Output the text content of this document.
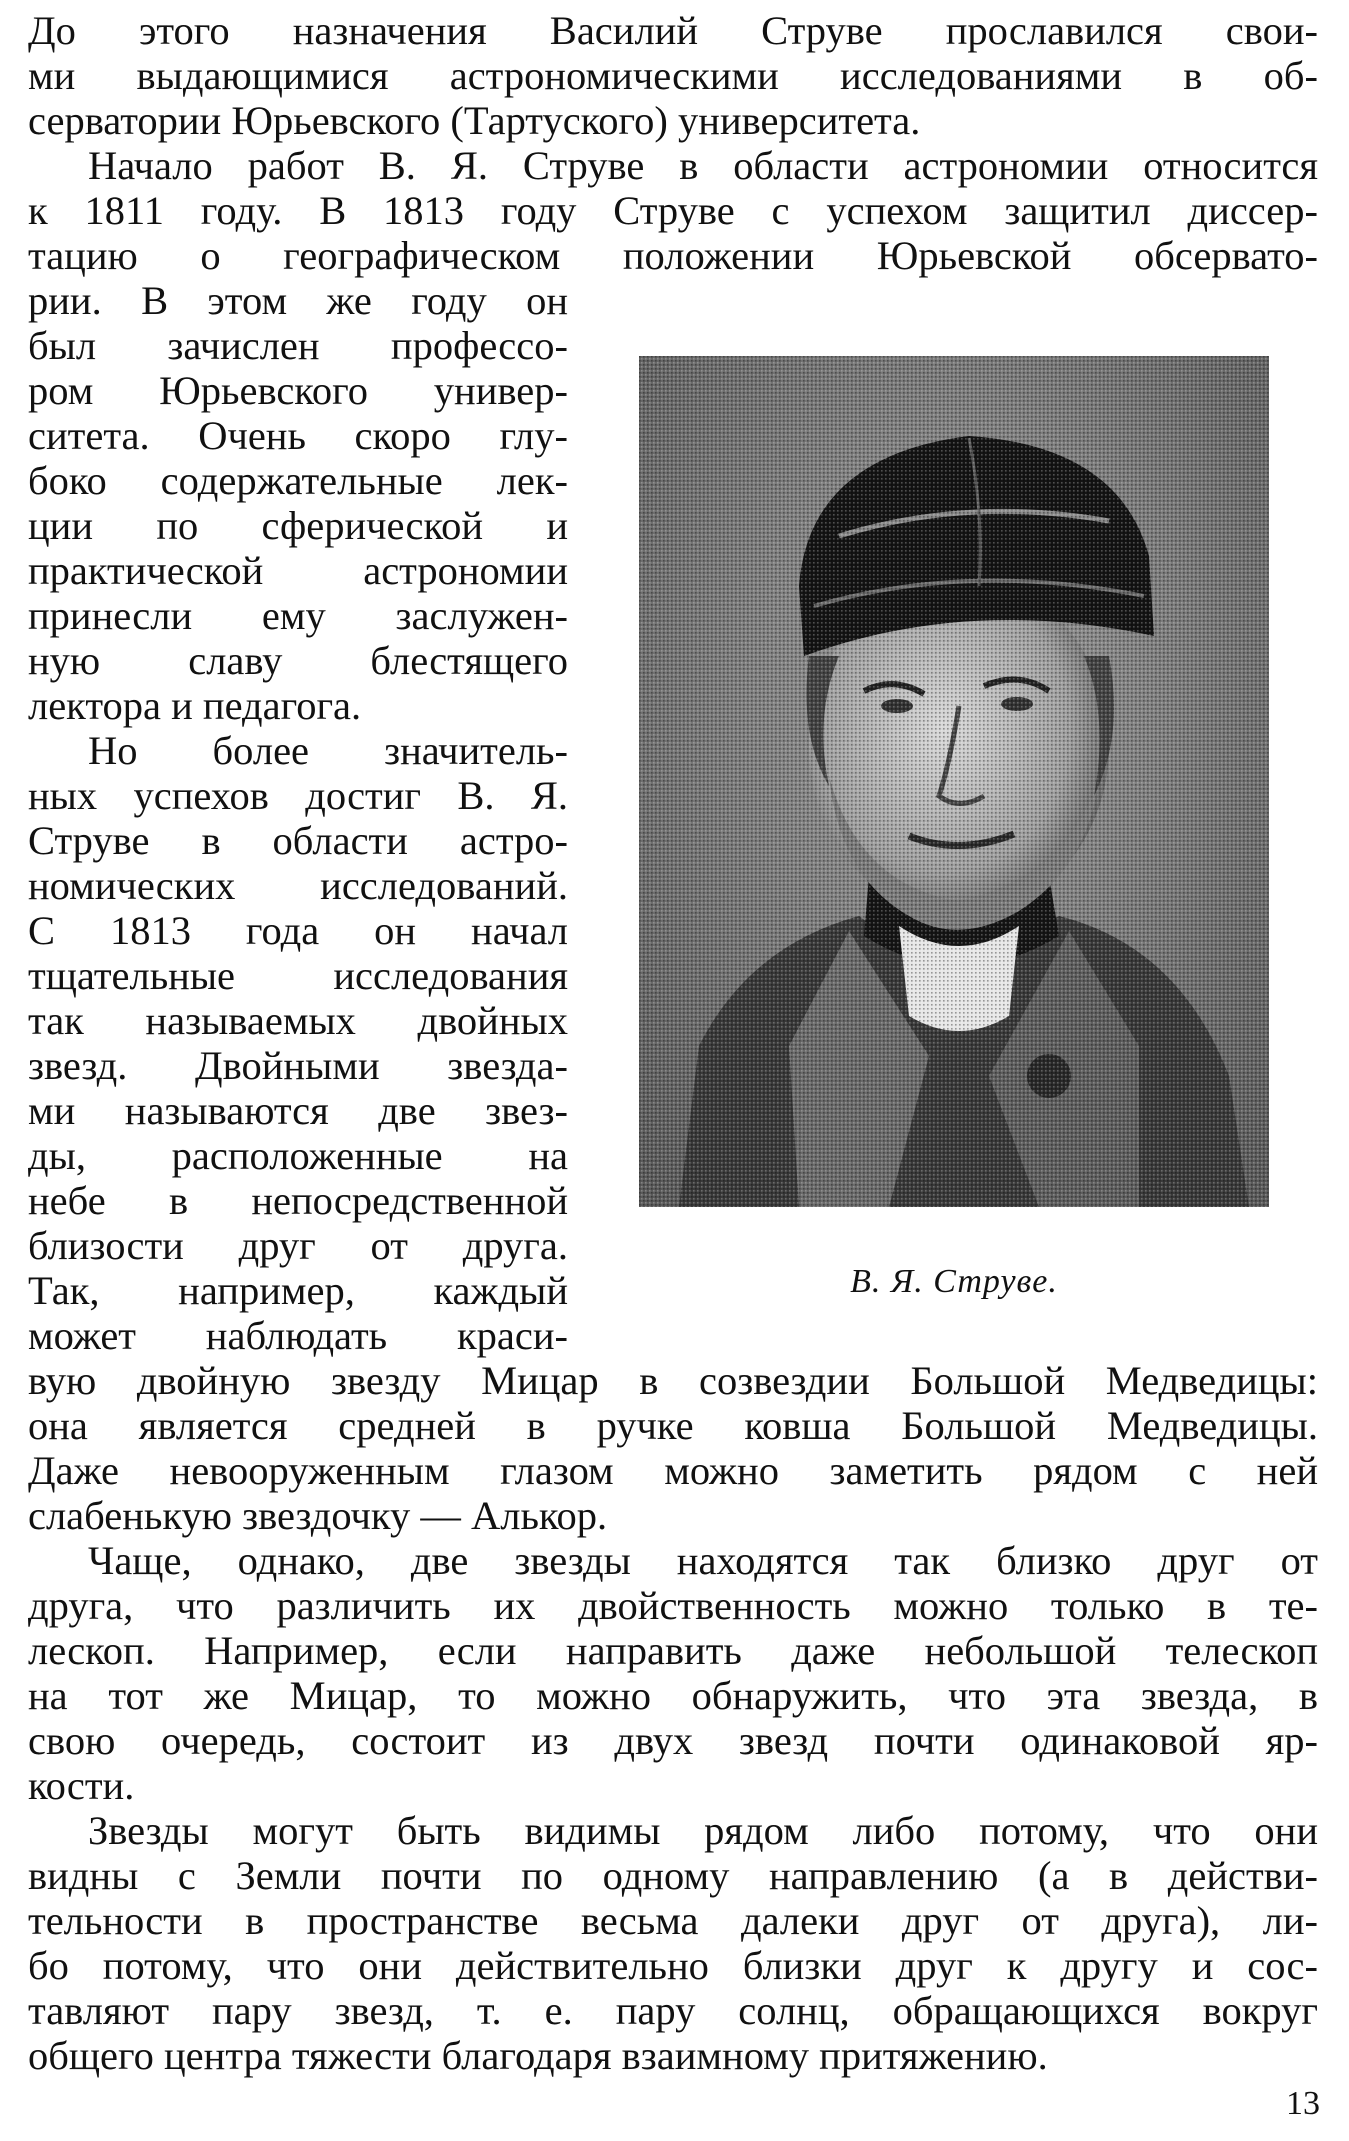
До этого назначения Василий Струве прославился свои-
ми выдающимися астрономическими исследованиями в об-
серватории Юрьевского (Тартуского) университета.
Начало работ В. Я. Струве в области астрономии относится
к 1811 году. В 1813 году Струве с успехом защитил диссер-
тацию о географическом положении Юрьевской обсервато-
рии. В этом же году он
был зачислен профессо-
ром Юрьевского универ-
ситета. Очень скоро глу-
боко содержательные лек-
ции по сферической и
практической астрономии
принесли ему заслужен-
ную славу блестящего
лектора и педагога.
Но более значитель-
ных успехов достиг В. Я.
Струве в области астро-
номических исследований.
С 1813 года он начал
тщательные исследования
так называемых двойных
звезд. Двойными звезда-
ми называются две звез-
ды, расположенные на
небе в непосредственной
близости друг от друга.
Так, например, каждый
может наблюдать краси-
вую двойную звезду Мицар в созвездии Большой Медведицы:
она является средней в ручке ковша Большой Медведицы.
Даже невооруженным глазом можно заметить рядом с ней
слабенькую звездочку — Алькор.
Чаще, однако, две звезды находятся так близко друг от
друга, что различить их двойственность можно только в те-
лескоп. Например, если направить даже небольшой телескоп
на тот же Мицар, то можно обнаружить, что эта звезда, в
свою очередь, состоит из двух звезд почти одинаковой яр-
кости.
Звезды могут быть видимы рядом либо потому, что они
видны с Земли почти по одному направлению (а в действи-
тельности в пространстве весьма далеки друг от друга), ли-
бо потому, что они действительно близки друг к другу и сос-
тавляют пару звезд, т. е. пару солнц, обращающихся вокруг
общего центра тяжести благодаря взаимному притяжению.
В. Я. Струве.
13
